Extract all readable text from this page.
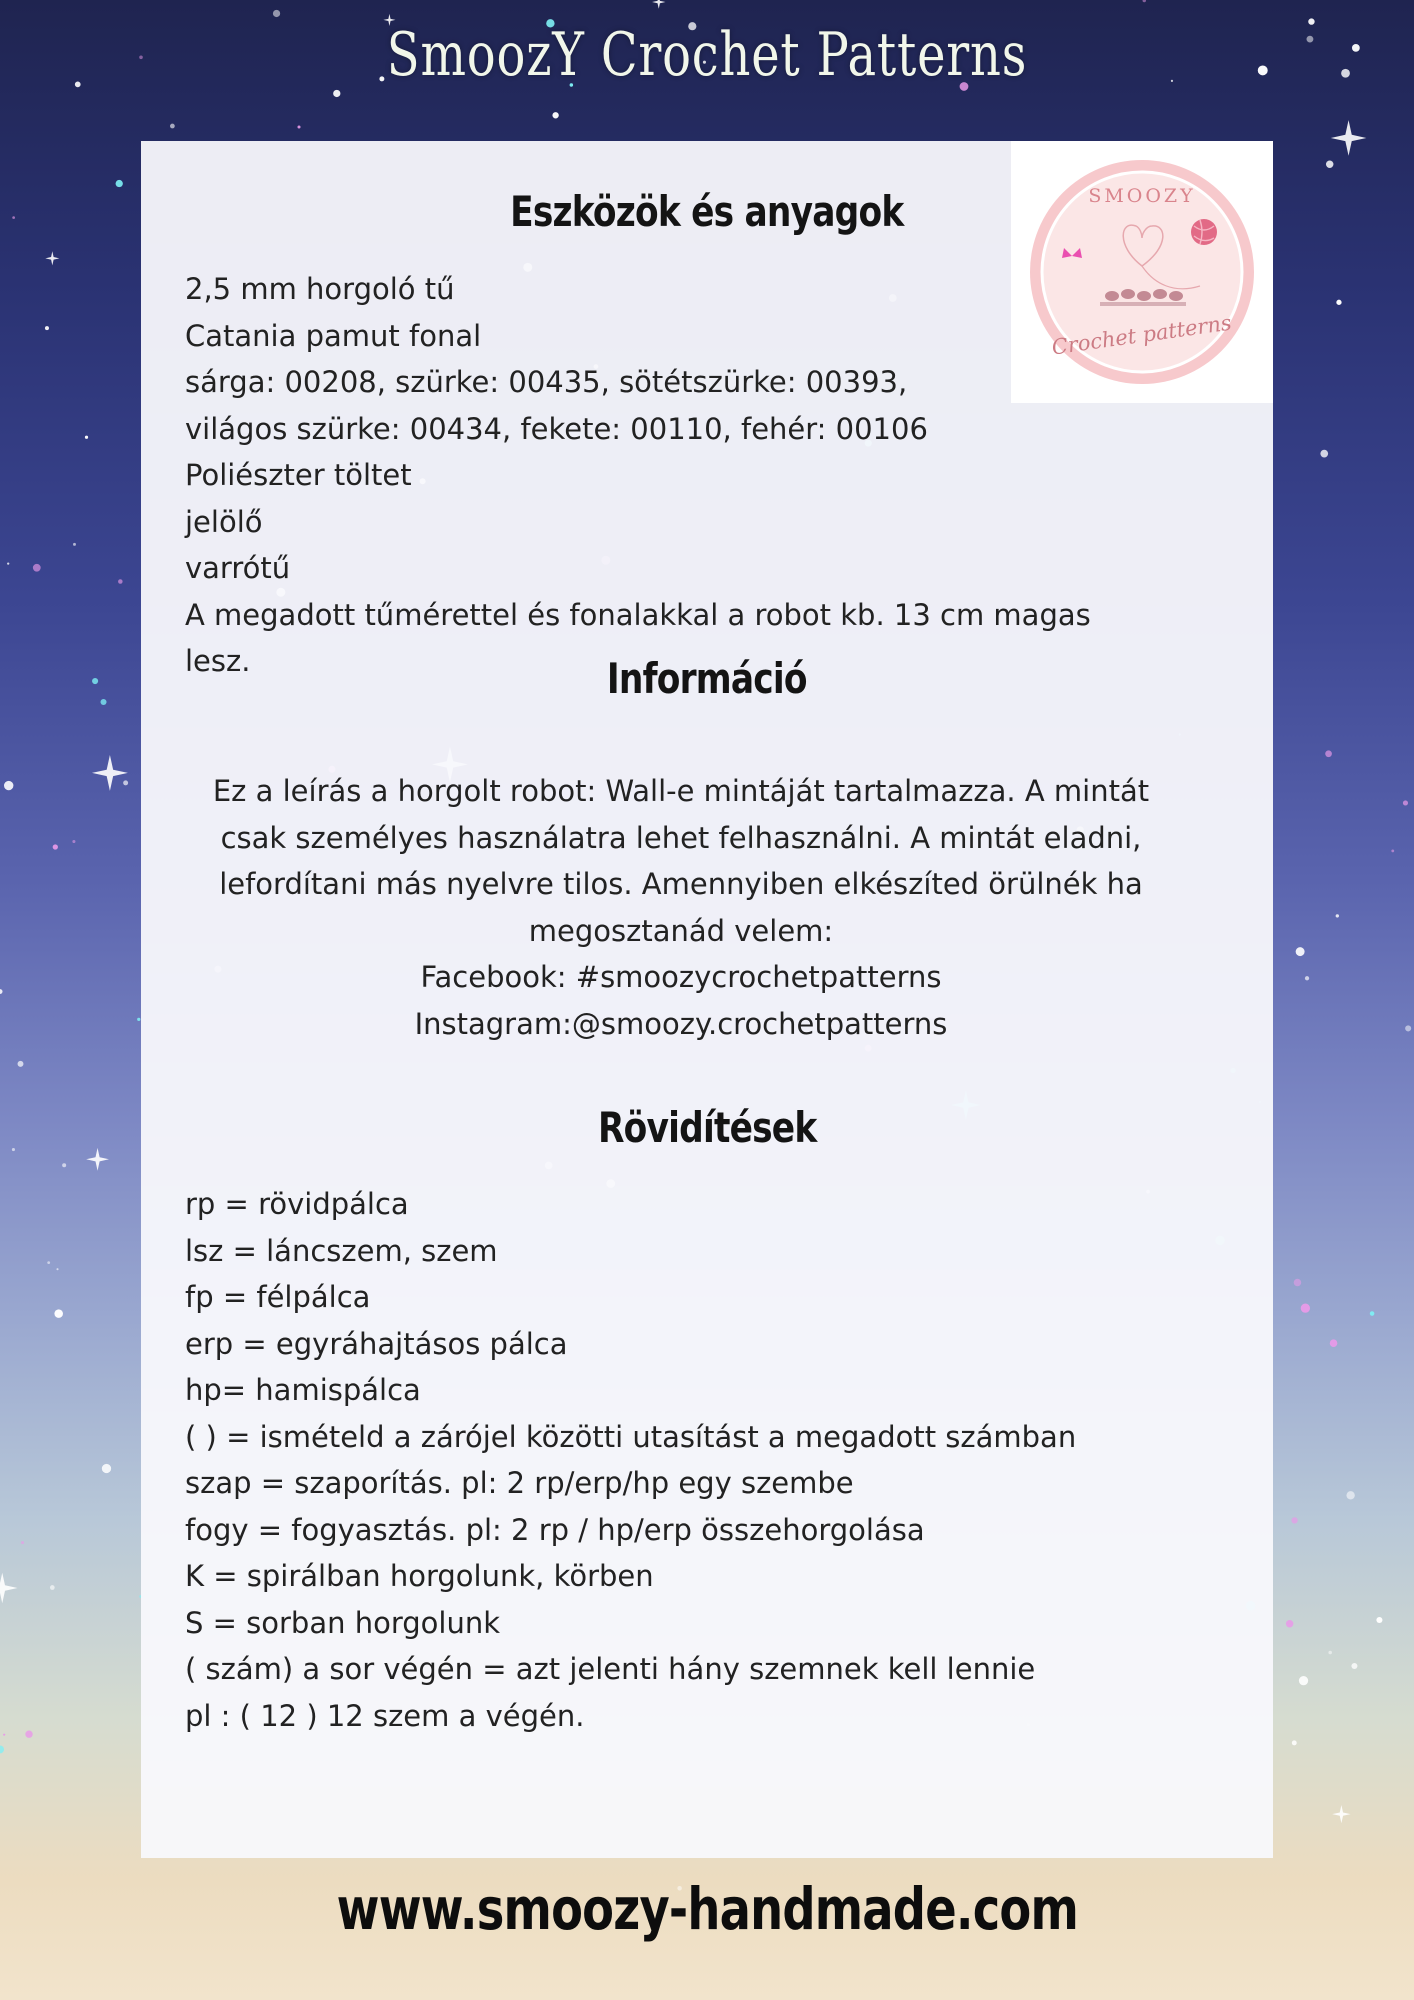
SmoozY Crochet Patterns
SMOOZY
Crochet patterns
Eszközök és anyagok
2,5 mm horgoló tű
Catania pamut fonal
sárga: 00208, szürke: 00435, sötétszürke: 00393,
világos szürke: 00434, fekete: 00110, fehér: 00106
Poliészter töltet
jelölő
varrótű
A megadott tűmérettel és fonalakkal a robot kb. 13 cm magas
lesz.	Információ
Ez a leírás a horgolt robot: Wall-e mintáját tartalmazza. A mintát
csak személyes használatra lehet felhasználni. A mintát eladni,
lefordítani más nyelvre tilos. Amennyiben elkészíted örülnék ha
megosztanád velem:
Facebook: #smoozycrochetpatterns
Instagram:@smoozy.crochetpatterns
Rövidítések
rp = rövidpálca
lsz = láncszem, szem
fp = félpálca
erp = egyráhajtásos pálca
hp= hamispálca
( ) = ismételd a zárójel közötti utasítást a megadott számban
szap = szaporítás. pl: 2 rp/erp/hp egy szembe
fogy = fogyasztás. pl: 2 rp / hp/erp összehorgolása
K = spirálban horgolunk, körben
S = sorban horgolunk
( szám) a sor végén = azt jelenti hány szemnek kell lennie
pl : ( 12 ) 12 szem a végén.
www.smoozy-handmade.com
